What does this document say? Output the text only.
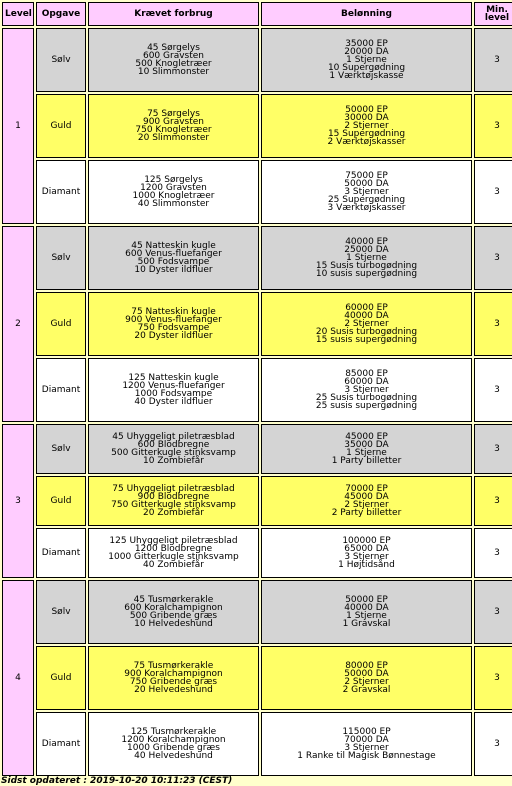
Level	Opgave	Krævet forbrug	Belønning	Min. level
1	Sølv	45 Sørgelys
600 Gravsten
500 Knogletræer
10 Slimmonster	35000 EP
20000 DA
1 Stjerne
10 Supergødning
1 Værktøjskasse	3
	Guld	75 Sørgelys
900 Gravsten
750 Knogletræer
20 Slimmonster	50000 EP
30000 DA
2 Stjerner
15 Supergødning
2 Værktøjskasser	3
	Diamant	125 Sørgelys
1200 Gravsten
1000 Knogletræer
40 Slimmonster	75000 EP
50000 DA
3 Stjerner
25 Supergødning
3 Værktøjskasser	3
2	Sølv	45 Natteskin kugle
600 Venus-fluefanger
500 Fodsvampe
10 Dyster ildfluer	40000 EP
25000 DA
1 Stjerne
15 Susis turbogødning
10 susis supergødning	3
	Guld	75 Natteskin kugle
900 Venus-fluefanger
750 Fodsvampe
20 Dyster ildfluer	60000 EP
40000 DA
2 Stjerner
20 Susis turbogødning
15 susis supergødning	3
	Diamant	125 Natteskin kugle
1200 Venus-fluefanger
1000 Fodsvampe
40 Dyster ildfluer	85000 EP
60000 DA
3 Stjerner
25 Susis turbogødning
25 susis supergødning	3
3	Sølv	45 Uhyggeligt piletræsblad
600 Blodbregne
500 Gitterkugle stinksvamp
10 Zombiefår	45000 EP
35000 DA
1 Stjerne
1 Party billetter	3
	Guld	75 Uhyggeligt piletræsblad
900 Blodbregne
750 Gitterkugle stinksvamp
20 Zombiefår	70000 EP
45000 DA
2 Stjerner
2 Party billetter	3
	Diamant	125 Uhyggeligt piletræsblad
1200 Blodbregne
1000 Gitterkugle stinksvamp
40 Zombiefår	100000 EP
65000 DA
3 Stjerner
1 Højtidsånd	3
4	Sølv	45 Tusmørkerakle
600 Koralchampignon
500 Gribende græs
10 Helvedeshund	50000 EP
40000 DA
1 Stjerne
1 Gravskal	3
	Guld	75 Tusmørkerakle
900 Koralchampignon
750 Gribende græs
20 Helvedeshund	80000 EP
50000 DA
2 Stjerner
2 Gravskal	3
	Diamant	125 Tusmørkerakle
1200 Koralchampignon
1000 Gribende græs
40 Helvedeshund	115000 EP
70000 DA
3 Stjerner
1 Ranke til Magisk Bønnestage	3
Sidst opdateret : 2019-10-20 10:11:23 (CEST)
